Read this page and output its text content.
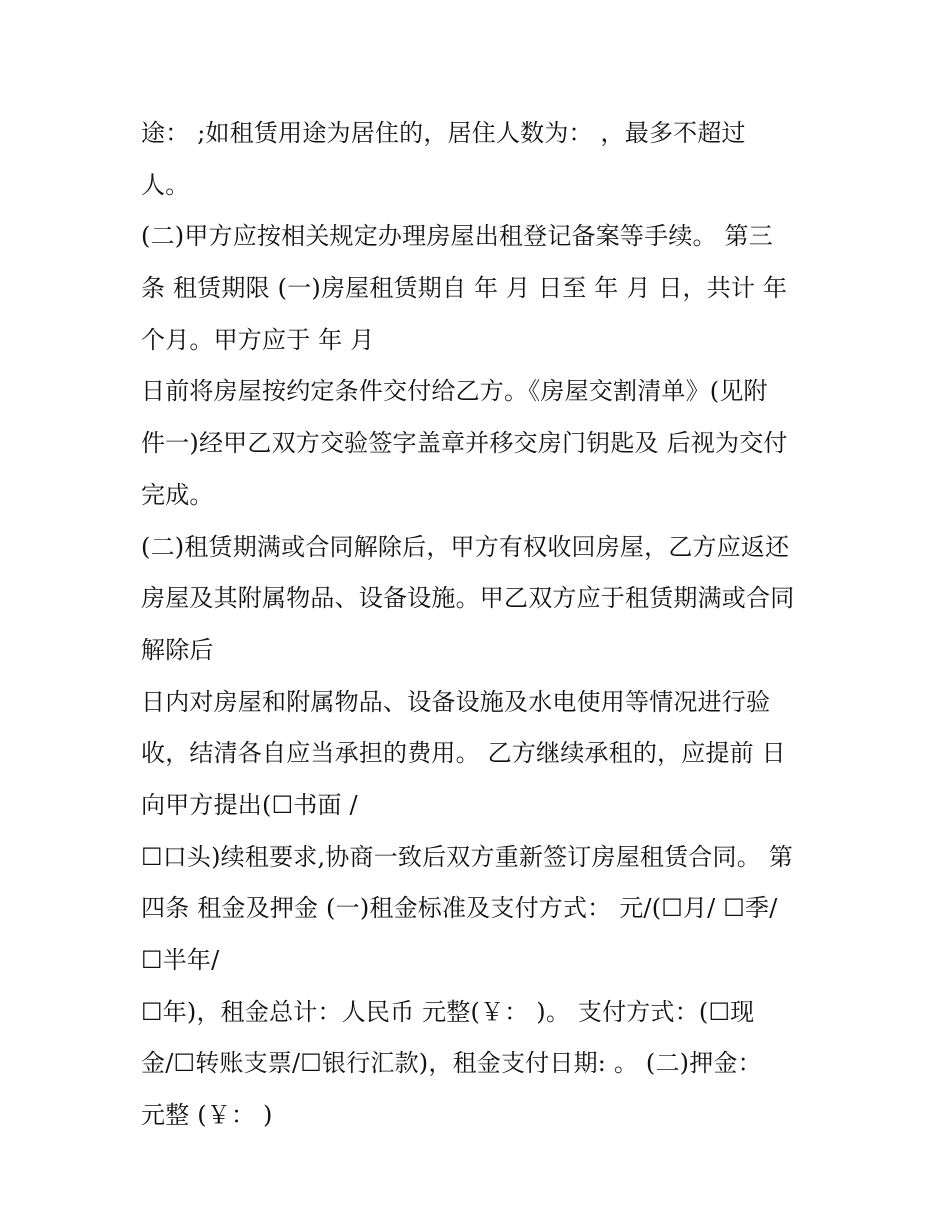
途： ;如租赁用途为居住的，居住人数为： ，最多不超过
人。
(二)甲方应按相关规定办理房屋出租登记备案等手续。 第三
条 租赁期限 (一)房屋租赁期自 年 月 日至 年 月 日，共计 年
个月。甲方应于 年 月
日前将房屋按约定条件交付给乙方。《房屋交割清单》(见附
件一)经甲乙双方交验签字盖章并移交房门钥匙及 后视为交付
完成。
(二)租赁期满或合同解除后，甲方有权收回房屋，乙方应返还
房屋及其附属物品、设备设施。甲乙双方应于租赁期满或合同
解除后
日内对房屋和附属物品、设备设施及水电使用等情况进行验
收，结清各自应当承担的费用。 乙方继续承租的，应提前 日
向甲方提出(☐书面 /
☐口头)续租要求,协商一致后双方重新签订房屋租赁合同。 第
四条 租金及押金 (一)租金标准及支付方式： 元/(☐月/ ☐季/
☐半年/
☐年)，租金总计：人民币 元整(￥： )。 支付方式：(☐现
金/☐转账支票/☐银行汇款)，租金支付日期: 。 (二)押金：
元整 (￥： )
